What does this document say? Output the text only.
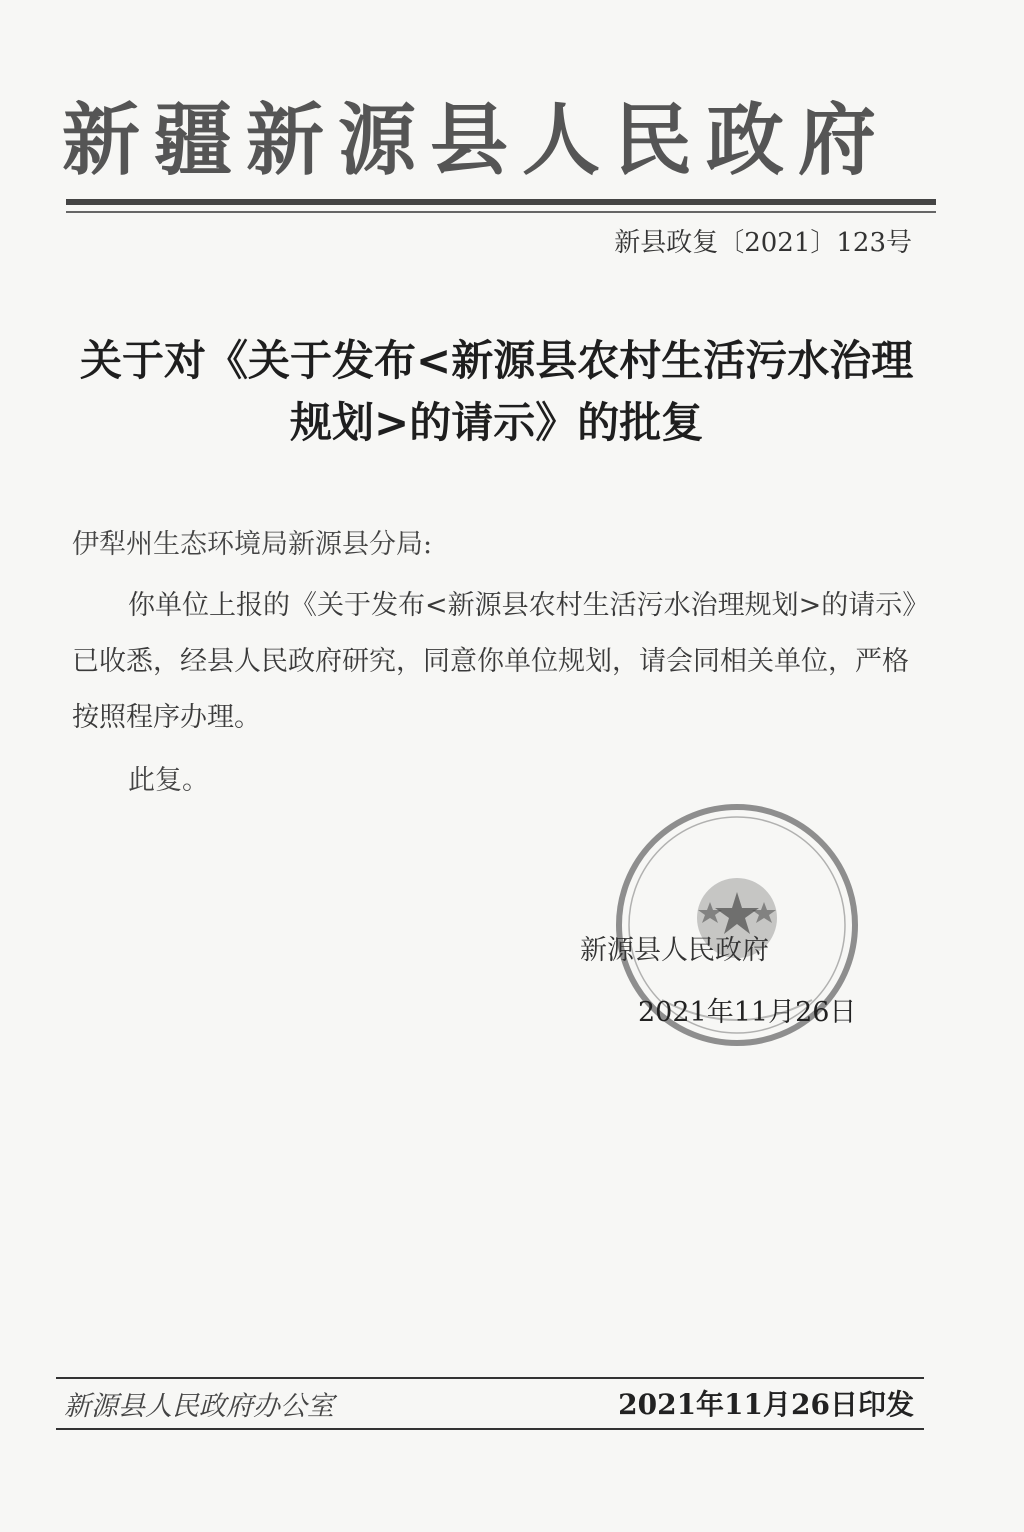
新疆新源县人民政府
新县政复〔2021〕123号
关于对《关于发布<新源县农村生活污水治理
规划>的请示》的批复
伊犁州生态环境局新源县分局:

你单位上报的《关于发布<新源县农村生活污水治理规划>的请示》已收悉，经县人民政府研究，同意你单位规划，请会同相关单位，严格按照程序办理。

此复。
新源县人民政府
2021年11月26日
新源县人民政府办公室	2021年11月26日印发
